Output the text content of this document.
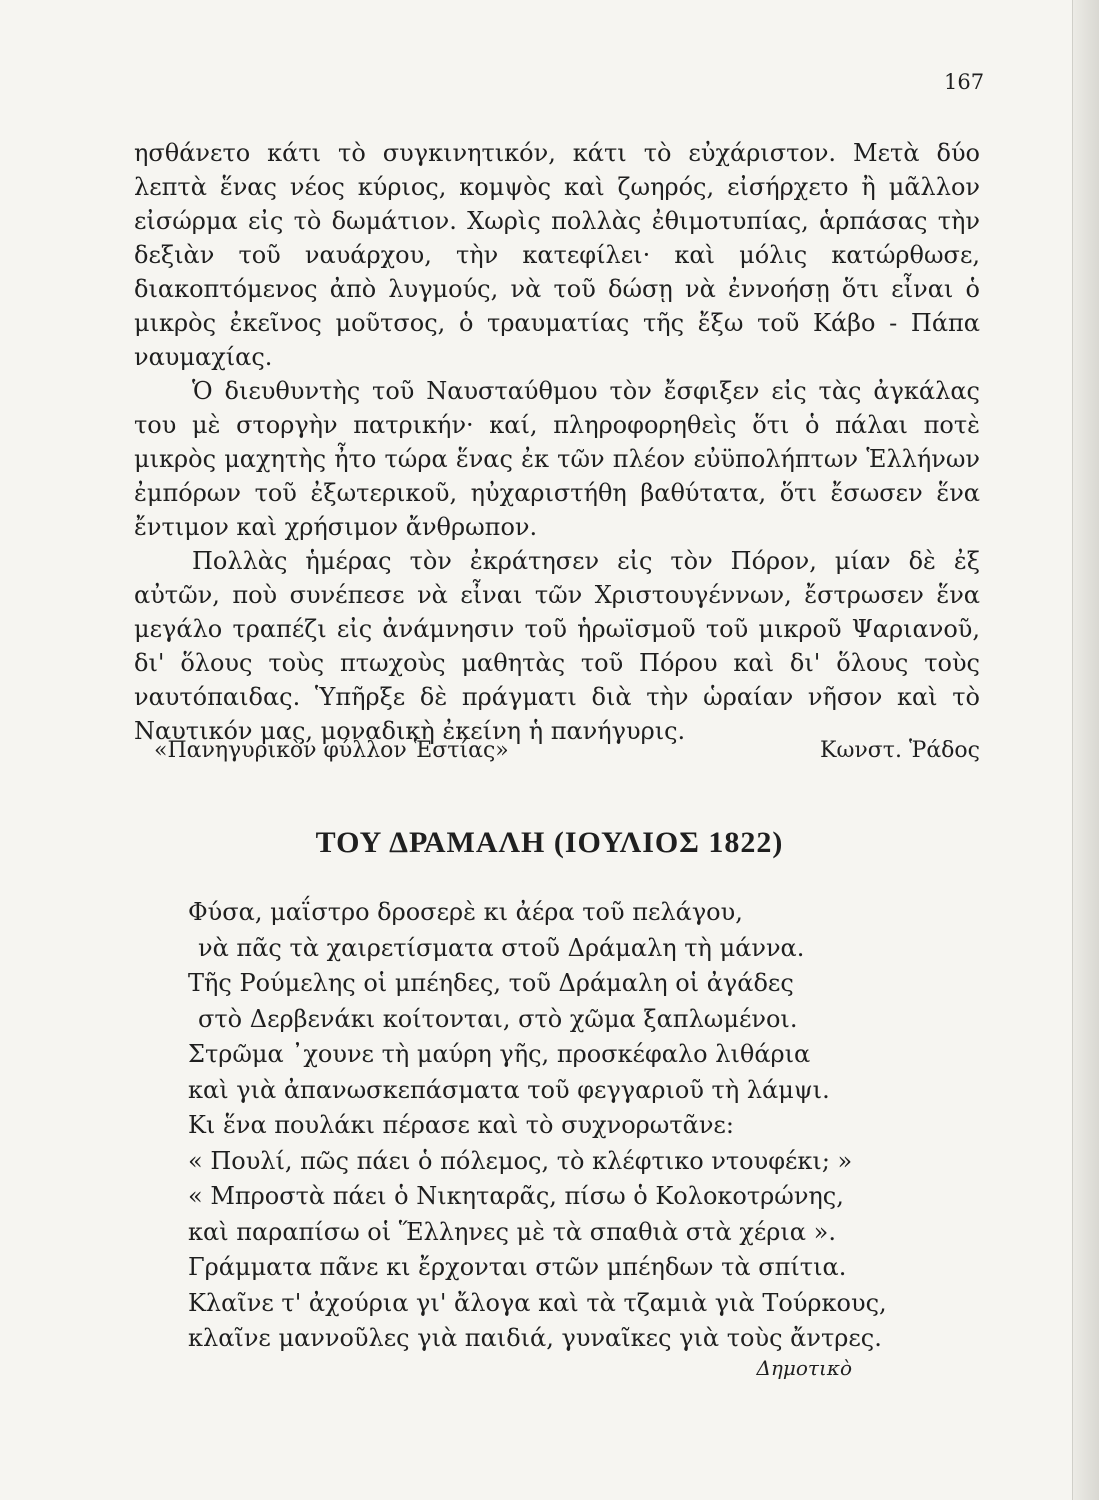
167

ησθάνετο κάτι τὸ συγκινητικόν, κάτι τὸ εὐχάριστον. Μετὰ δύο λεπτὰ ἕνας νέος κύριος, κομψὸς καὶ ζωηρός, εἰσήρχετο ἢ μᾶλλον εἰσώρμα εἰς τὸ δωμάτιον. Χωρὶς πολλὰς ἐθιμοτυπίας, ἁρπάσας τὴν δεξιὰν τοῦ ναυάρχου, τὴν κατεφίλει· καὶ μόλις κατώρθωσε, διακοπτόμενος ἀπὸ λυγμούς, νὰ τοῦ δώσῃ νὰ ἐννοήσῃ ὅτι εἶναι ὁ μικρὸς ἐκεῖνος μοῦτσος, ὁ τραυματίας τῆς ἔξω τοῦ Κάβο - Πάπα ναυμαχίας.

Ὁ διευθυντὴς τοῦ Ναυσταύθμου τὸν ἔσφιξεν εἰς τὰς ἀγκάλας του μὲ στοργὴν πατρικήν· καί, πληροφορηθεὶς ὅτι ὁ πάλαι ποτὲ μικρὸς μαχητὴς ἦτο τώρα ἕνας ἐκ τῶν πλέον εὐϋπολήπτων Ἑλλήνων ἐμπόρων τοῦ ἐξωτερικοῦ, ηὐχαριστήθη βαθύτατα, ὅτι ἔσωσεν ἕνα ἔντιμον καὶ χρήσιμον ἄνθρωπον.

Πολλὰς ἡμέρας τὸν ἐκράτησεν εἰς τὸν Πόρον, μίαν δὲ ἐξ αὐτῶν, ποὺ συνέπεσε νὰ εἶναι τῶν Χριστουγέννων, ἔστρωσεν ἕνα μεγάλο τραπέζι εἰς ἀνάμνησιν τοῦ ἡρωϊσμοῦ τοῦ μικροῦ Ψαριανοῦ, δι' ὅλους τοὺς πτωχοὺς μαθητὰς τοῦ Πόρου καὶ δι' ὅλους τοὺς ναυτόπαιδας. Ὑπῆρξε δὲ πράγματι διὰ τὴν ὡραίαν νῆσον καὶ τὸ Ναυτικόν μας, μοναδικὴ ἐκείνη ἡ πανήγυρις.

«Πανηγυρικὸν φύλλον Ἑστίας»	Κωνστ. Ῥάδος
ΤΟΥ ΔΡΑΜΑΛΗ (ΙΟΥΛΙΟΣ 1822)
Φύσα, μαΐστρο δροσερὲ κι ἀέρα τοῦ πελάγου,
νὰ πᾶς τὰ χαιρετίσματα στοῦ Δράμαλη τὴ μάννα.
Τῆς Ρούμελης οἱ μπέηδες, τοῦ Δράμαλη οἱ ἀγάδες
στὸ Δερβενάκι κοίτονται, στὸ χῶμα ξαπλωμένοι.
Στρῶμα ᾽χουνε τὴ μαύρη γῆς, προσκέφαλο λιθάρια
καὶ γιὰ ἀπανωσκεπάσματα τοῦ φεγγαριοῦ τὴ λάμψι.
Κι ἕνα πουλάκι πέρασε καὶ τὸ συχνορωτᾶνε:
« Πουλί, πῶς πάει ὁ πόλεμος, τὸ κλέφτικο ντουφέκι; »
« Μπροστὰ πάει ὁ Νικηταρᾶς, πίσω ὁ Κολοκοτρώνης,
καὶ παραπίσω οἱ Ἕλληνες μὲ τὰ σπαθιὰ στὰ χέρια ».
Γράμματα πᾶνε κι ἔρχονται στῶν μπέηδων τὰ σπίτια.
Κλαῖνε τ' ἀχούρια γι' ἄλογα καὶ τὰ τζαμιὰ γιὰ Τούρκους,
κλαῖνε μαννοῦλες γιὰ παιδιά, γυναῖκες γιὰ τοὺς ἄντρες.
Δημοτικὸ
